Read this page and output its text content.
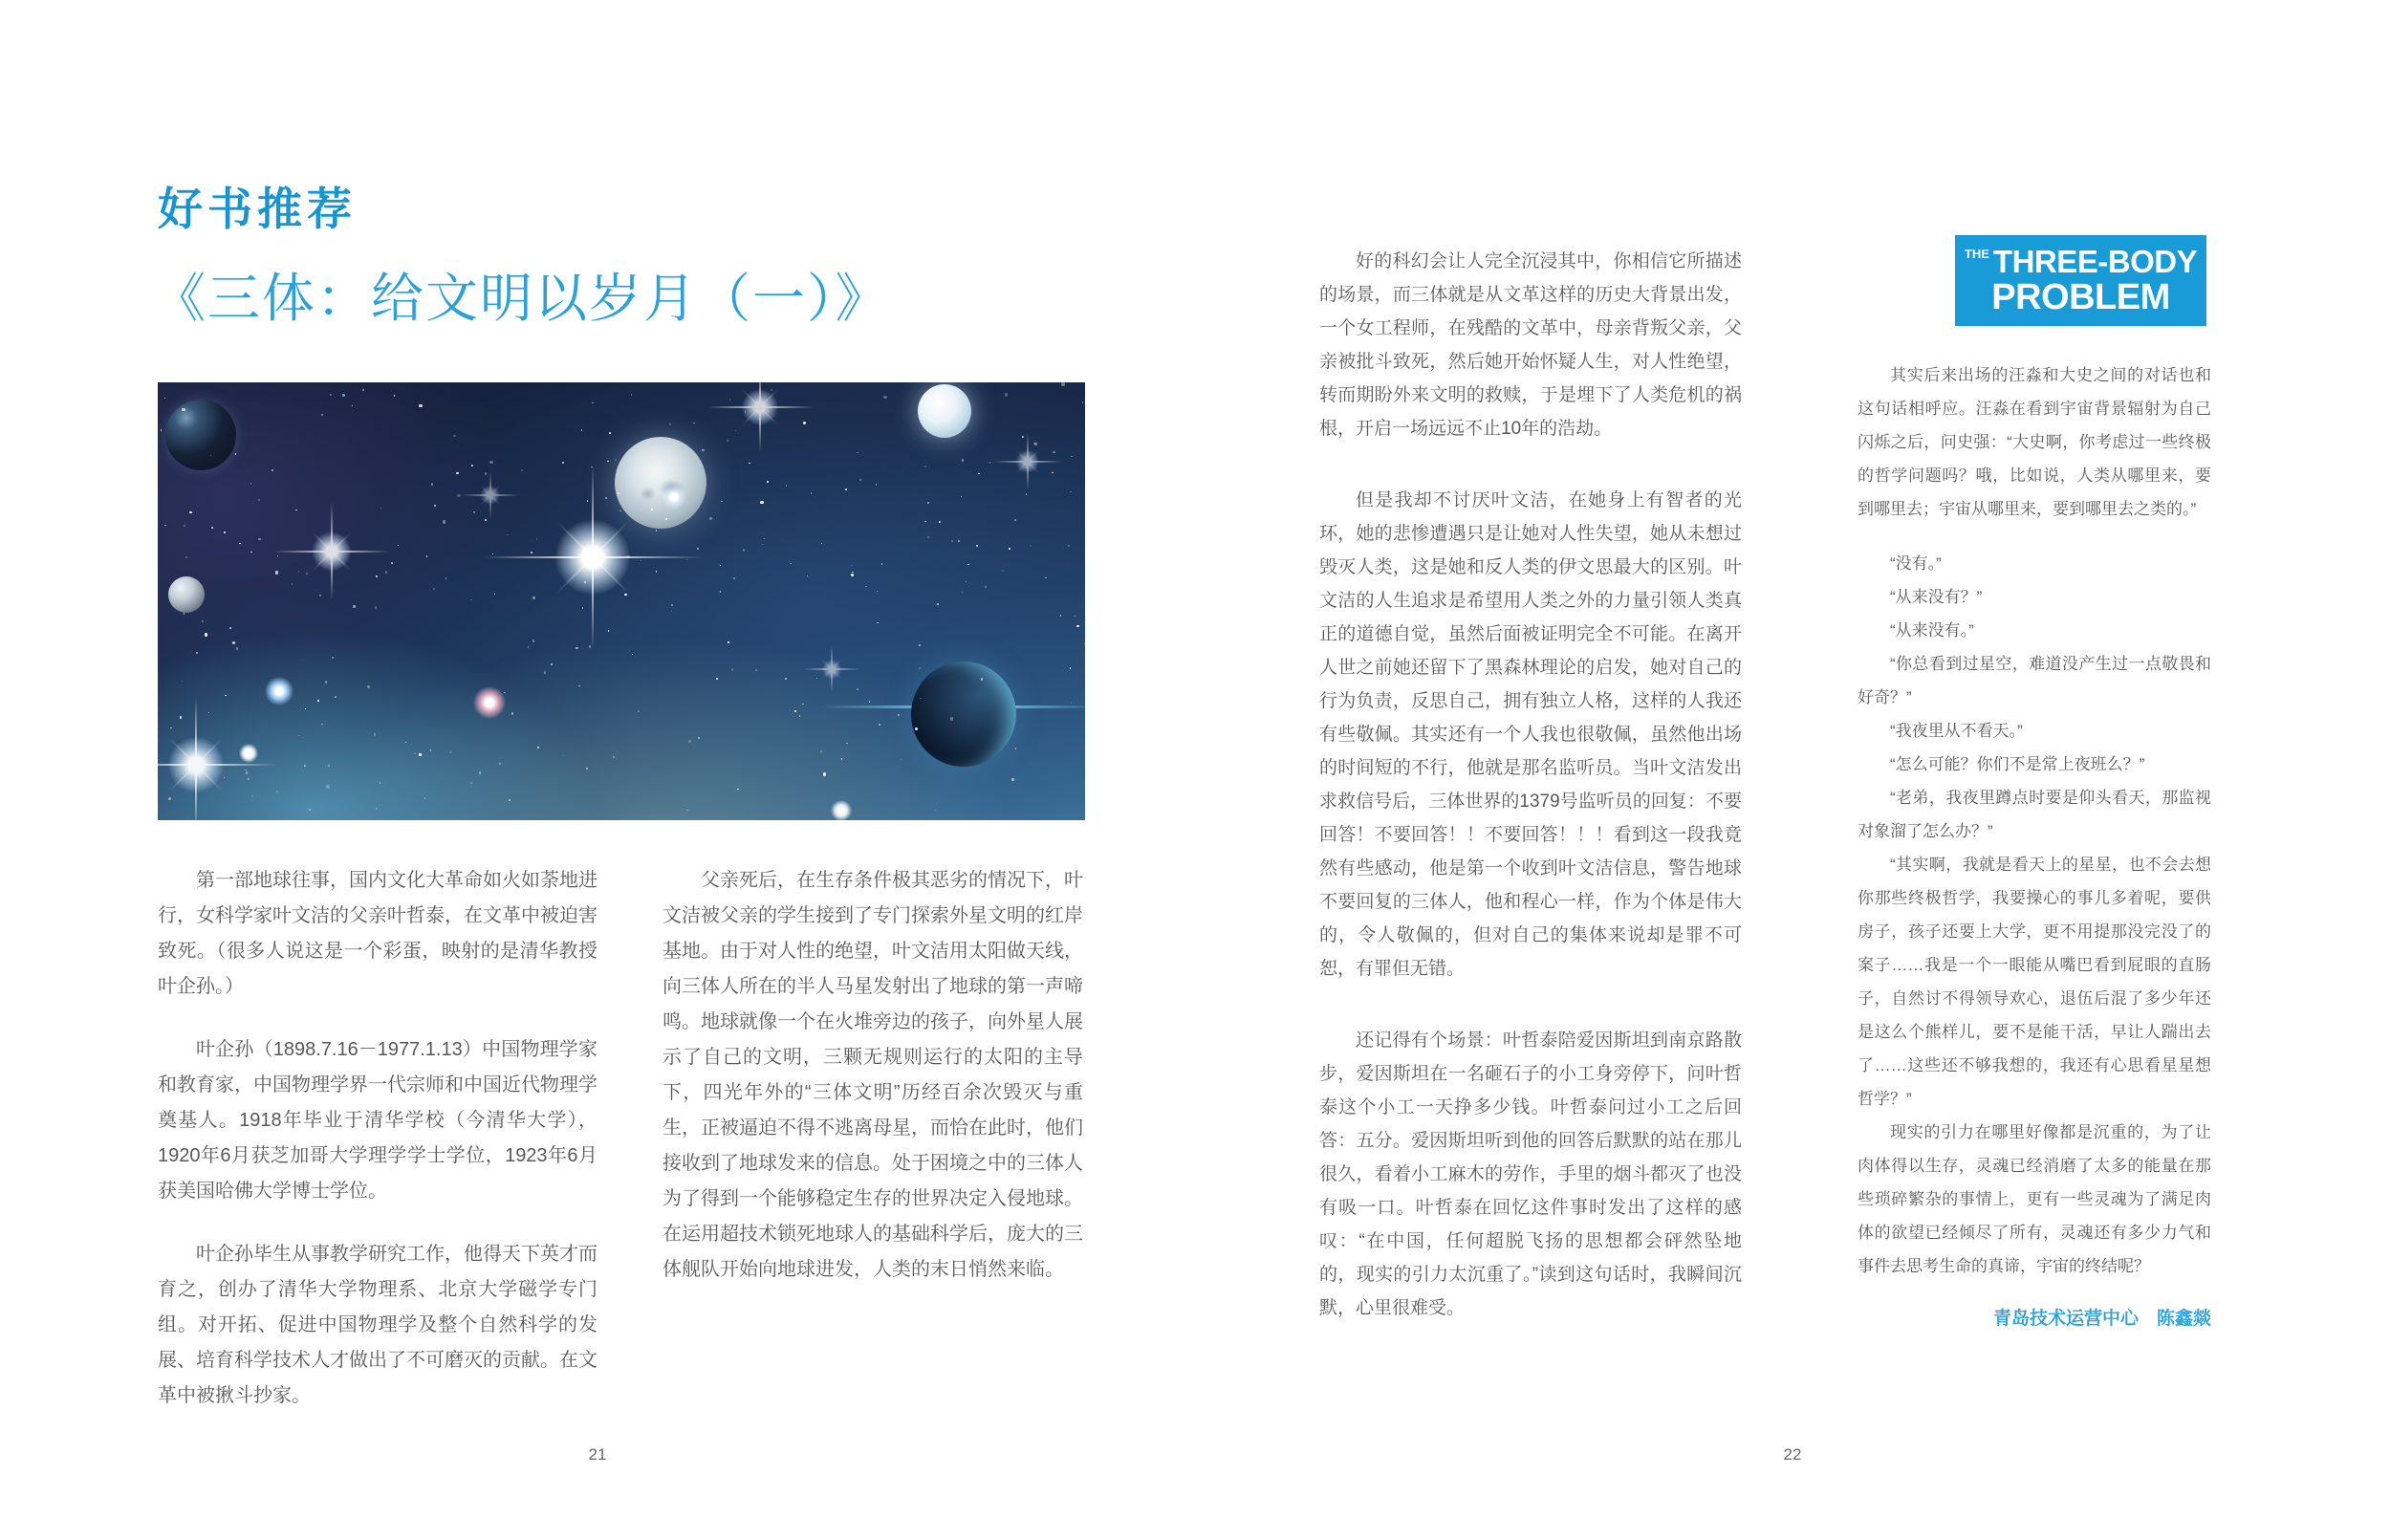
好书推荐
《三体：给文明以岁月（一）》

第一部地球往事，国内文化大革命如火如荼地进行，女科学家叶文洁的父亲叶哲泰，在文革中被迫害致死。（很多人说这是一个彩蛋，映射的是清华教授叶企孙。）

叶企孙（1898.7.16－1977.1.13）中国物理学家和教育家，中国物理学界一代宗师和中国近代物理学奠基人。1918年毕业于清华学校（今清华大学），1920年6月获芝加哥大学理学学士学位，1923年6月获美国哈佛大学博士学位。

叶企孙毕生从事教学研究工作，他得天下英才而育之，创办了清华大学物理系、北京大学磁学专门组。对开拓、促进中国物理学及整个自然科学的发展、培育科学技术人才做出了不可磨灭的贡献。在文革中被揪斗抄家。

父亲死后，在生存条件极其恶劣的情况下，叶文洁被父亲的学生接到了专门探索外星文明的红岸基地。由于对人性的绝望，叶文洁用太阳做天线，向三体人所在的半人马星发射出了地球的第一声啼鸣。地球就像一个在火堆旁边的孩子，向外星人展示了自己的文明，三颗无规则运行的太阳的主导下，四光年外的“三体文明”历经百余次毁灭与重生，正被逼迫不得不逃离母星，而恰在此时，他们接收到了地球发来的信息。处于困境之中的三体人为了得到一个能够稳定生存的世界决定入侵地球。在运用超技术锁死地球人的基础科学后，庞大的三体舰队开始向地球进发，人类的末日悄然来临。

21

好的科幻会让人完全沉浸其中，你相信它所描述的场景，而三体就是从文革这样的历史大背景出发，一个女工程师，在残酷的文革中，母亲背叛父亲，父亲被批斗致死，然后她开始怀疑人生，对人性绝望，转而期盼外来文明的救赎，于是埋下了人类危机的祸根，开启一场远远不止10年的浩劫。

但是我却不讨厌叶文洁，在她身上有智者的光环，她的悲惨遭遇只是让她对人性失望，她从未想过毁灭人类，这是她和反人类的伊文思最大的区别。叶文洁的人生追求是希望用人类之外的力量引领人类真正的道德自觉，虽然后面被证明完全不可能。在离开人世之前她还留下了黑森林理论的启发，她对自己的行为负责，反思自己，拥有独立人格，这样的人我还有些敬佩。其实还有一个人我也很敬佩，虽然他出场的时间短的不行，他就是那名监听员。当叶文洁发出求救信号后，三体世界的1379号监听员的回复：不要回答！不要回答！！不要回答！！！看到这一段我竟然有些感动，他是第一个收到叶文洁信息，警告地球不要回复的三体人，他和程心一样，作为个体是伟大的，令人敬佩的，但对自己的集体来说却是罪不可恕，有罪但无错。

还记得有个场景：叶哲泰陪爱因斯坦到南京路散步，爱因斯坦在一名砸石子的小工身旁停下，问叶哲泰这个小工一天挣多少钱。叶哲泰问过小工之后回答：五分。爱因斯坦听到他的回答后默默的站在那儿很久，看着小工麻木的劳作，手里的烟斗都灭了也没有吸一口。叶哲泰在回忆这件事时发出了这样的感叹：“在中国，任何超脱飞扬的思想都会砰然坠地的，现实的引力太沉重了。”读到这句话时，我瞬间沉默，心里很难受。

THE THREE-BODY
PROBLEM

其实后来出场的汪淼和大史之间的对话也和这句话相呼应。汪淼在看到宇宙背景辐射为自己闪烁之后，问史强：“大史啊，你考虑过一些终极的哲学问题吗？哦，比如说，人类从哪里来，要到哪里去；宇宙从哪里来，要到哪里去之类的。”

“没有。”

“从来没有？”

“从来没有。”

“你总看到过星空，难道没产生过一点敬畏和好奇？”

“我夜里从不看天。”

“怎么可能？你们不是常上夜班么？”

“老弟，我夜里蹲点时要是仰头看天，那监视对象溜了怎么办？”

“其实啊，我就是看天上的星星，也不会去想你那些终极哲学，我要操心的事儿多着呢，要供房子，孩子还要上大学，更不用提那没完没了的案子……我是一个一眼能从嘴巴看到屁眼的直肠子，自然讨不得领导欢心，退伍后混了多少年还是这么个熊样儿，要不是能干活，早让人踹出去了……这些还不够我想的，我还有心思看星星想哲学？”

现实的引力在哪里好像都是沉重的，为了让肉体得以生存，灵魂已经消磨了太多的能量在那些琐碎繁杂的事情上，更有一些灵魂为了满足肉体的欲望已经倾尽了所有，灵魂还有多少力气和事件去思考生命的真谛，宇宙的终结呢？

青岛技术运营中心　陈鑫燚
22
